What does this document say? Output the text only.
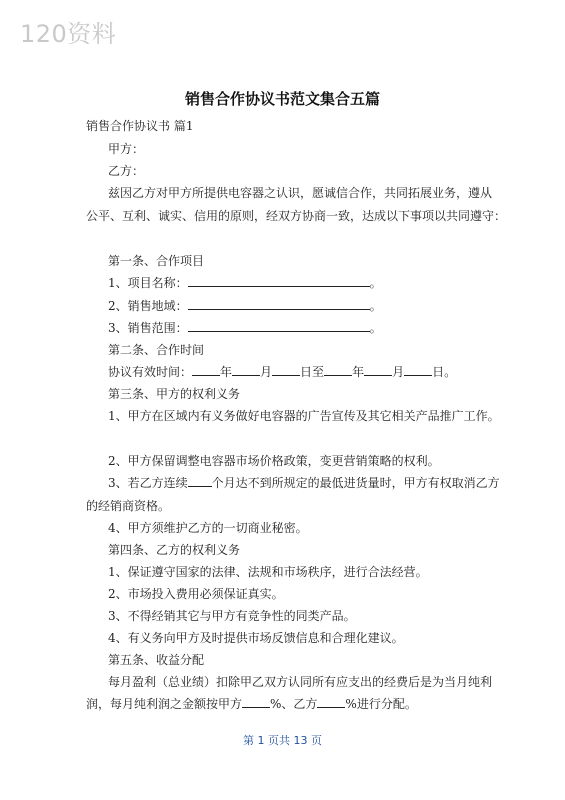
120资料
销售合作协议书范文集合五篇
销售合作协议书 篇1
甲方：
乙方：
兹因乙方对甲方所提供电容器之认识，愿诚信合作，共同拓展业务，遵从
公平、互利、诚实、信用的原则，经双方协商一致，达成以下事项以共同遵守：
第一条、合作项目
1、项目名称：	。
2、销售地域：	。
3、销售范围：	。
第二条、合作时间
协议有效时间： 年 月 日至 年 月 日。
第三条、甲方的权利义务
1、甲方在区域内有义务做好电容器的广告宣传及其它相关产品推广工作。
2、甲方保留调整电容器市场价格政策，变更营销策略的权利。
3、若乙方连续 个月达不到所规定的最低进货量时，甲方有权取消乙方
的经销商资格。
4、甲方须维护乙方的一切商业秘密。
第四条、乙方的权利义务
1、保证遵守国家的法律、法规和市场秩序，进行合法经营。
2、市场投入费用必须保证真实。
3、不得经销其它与甲方有竞争性的同类产品。
4、有义务向甲方及时提供市场反馈信息和合理化建议。
第五条、收益分配
每月盈利（总业绩）扣除甲乙双方认同所有应支出的经费后是为当月纯利
润，每月纯利润之金额按甲方 %、乙方 %进行分配。
第 1 页共 13 页
